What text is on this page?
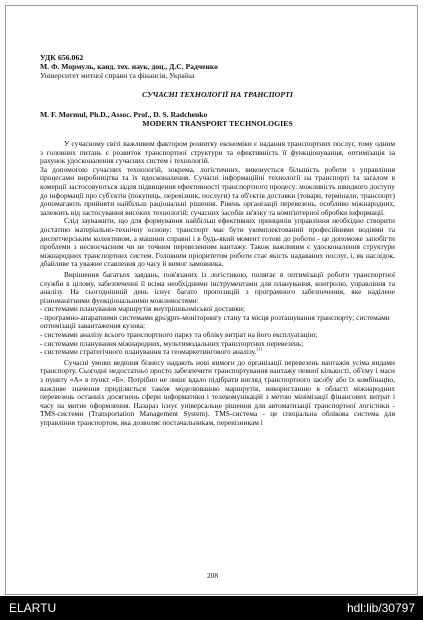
УДК 656.062
М. Ф. Мормуль, канд. тех. наук, доц., Д.С. Радченко
Університет митної справи та фінансів, Україна
СУЧАСНІ ТЕХНОЛОГІЇ НА ТРАНСПОРТІ
M. F. Mormul, Ph.D., Assoc. Prof., D. S. Radchenko
MODERN TRANSPORT TECHNOLOGIES

У сучасному світі важливим фактором розвитку економіки є надання транспортних послуг, тому одним з головних питань є розвиток транспортної структури та ефективність її функціонування, оптимізація за рахунок удосконалення сучасних систем і технологій.

За допомогою сучасних технологій, зокрема, логістичних, виконується більшість роботи з управління процесами виробництва та їх вдосконалення. Сучасні інформаційні технології на транспорті та загалом в комерції застосовуються задля підвищення ефективності транспортного процесу: можливість швидкого доступу до інформації про суб'єктів (покупець, перевізник, послуги) та об'єктів доставки (товари, термінали, транспорт) допомагають прийняти найбільш раціональні рішення. Рівень організації перевезень, особливо міжнародних, залежить від застосування високих технологій: сучасних засобів зв'язку та комп'ютерної обробки інформації.

Слід зауважити, що для формування найбільш ефективних принципів управління необхідно створити достатню матеріально-технічну основу: транспорт має бути укомплектований професійними водіями та диспетчерським колективом, а машини справні і в будь-який момент готові до роботи - це допоможе запобігти проблеми з несвоєчасним чи не точним перевезенням вантажу. Також важливим є удосконалення структури міжнародних транспортних систем. Головним пріоритетом роботи стає якість надаваних послуг, і, як наслідок, дбайливе та уважне ставлення до часу й вимог замовника.

Вирішення багатьох завдань, пов'язаних із логістикою, полягає в оптимізації роботи транспортної служби в цілому, забезпеченні її всіма необхідними інструментами для планування, контролю, управління та аналізу. На сьогоднішній день існує багато пропозицій з програмного забезпечення, яке наділене різноманітними функціональними можливостями:

- системами планування маршрутів внутрішньоміської доставки;
- програмно-апаратними системами gps/gprs-моніторингу стану та місця розташування транспорту; системами оптимізації завантаження кузова;
- системами аналізу всього транспортного парку та обліку витрат на його експлуатацію;
- системами планування міжнародних, мультимодальних транспортних перевезень;
- системами стратегічного планування та геомаркетингового аналізу.[1]

Сучасні умови ведення бізнесу надають нові вимоги до організації перевезень вантажів усіма видами транспорту. Сьогодні недостатньо просто забезпечити транспортування вантажу певної кількості, об'єму і маси з пункту «А» в пункт «Б». Потрібно не лише вдало підібрати вигляд транспортного засобу або їх комбінацію, важливе значення приділяється також моделюванню маршрутів, використанню в області міжнародних перевезень останніх досягнень сфери інформатики і телекомунікацій з метою мінімізації фінансових витрат і часу на митне оформлення. Назараз існує універсальне рішення для автоматизації транспортної логістики - TMS-системи (Transportation Management System). TMS-система - це спеціальна облікова система для управління транспортом, яка дозволяє постачальникам, перевізникам і

208
ELARTU	hdl:lib/30797
